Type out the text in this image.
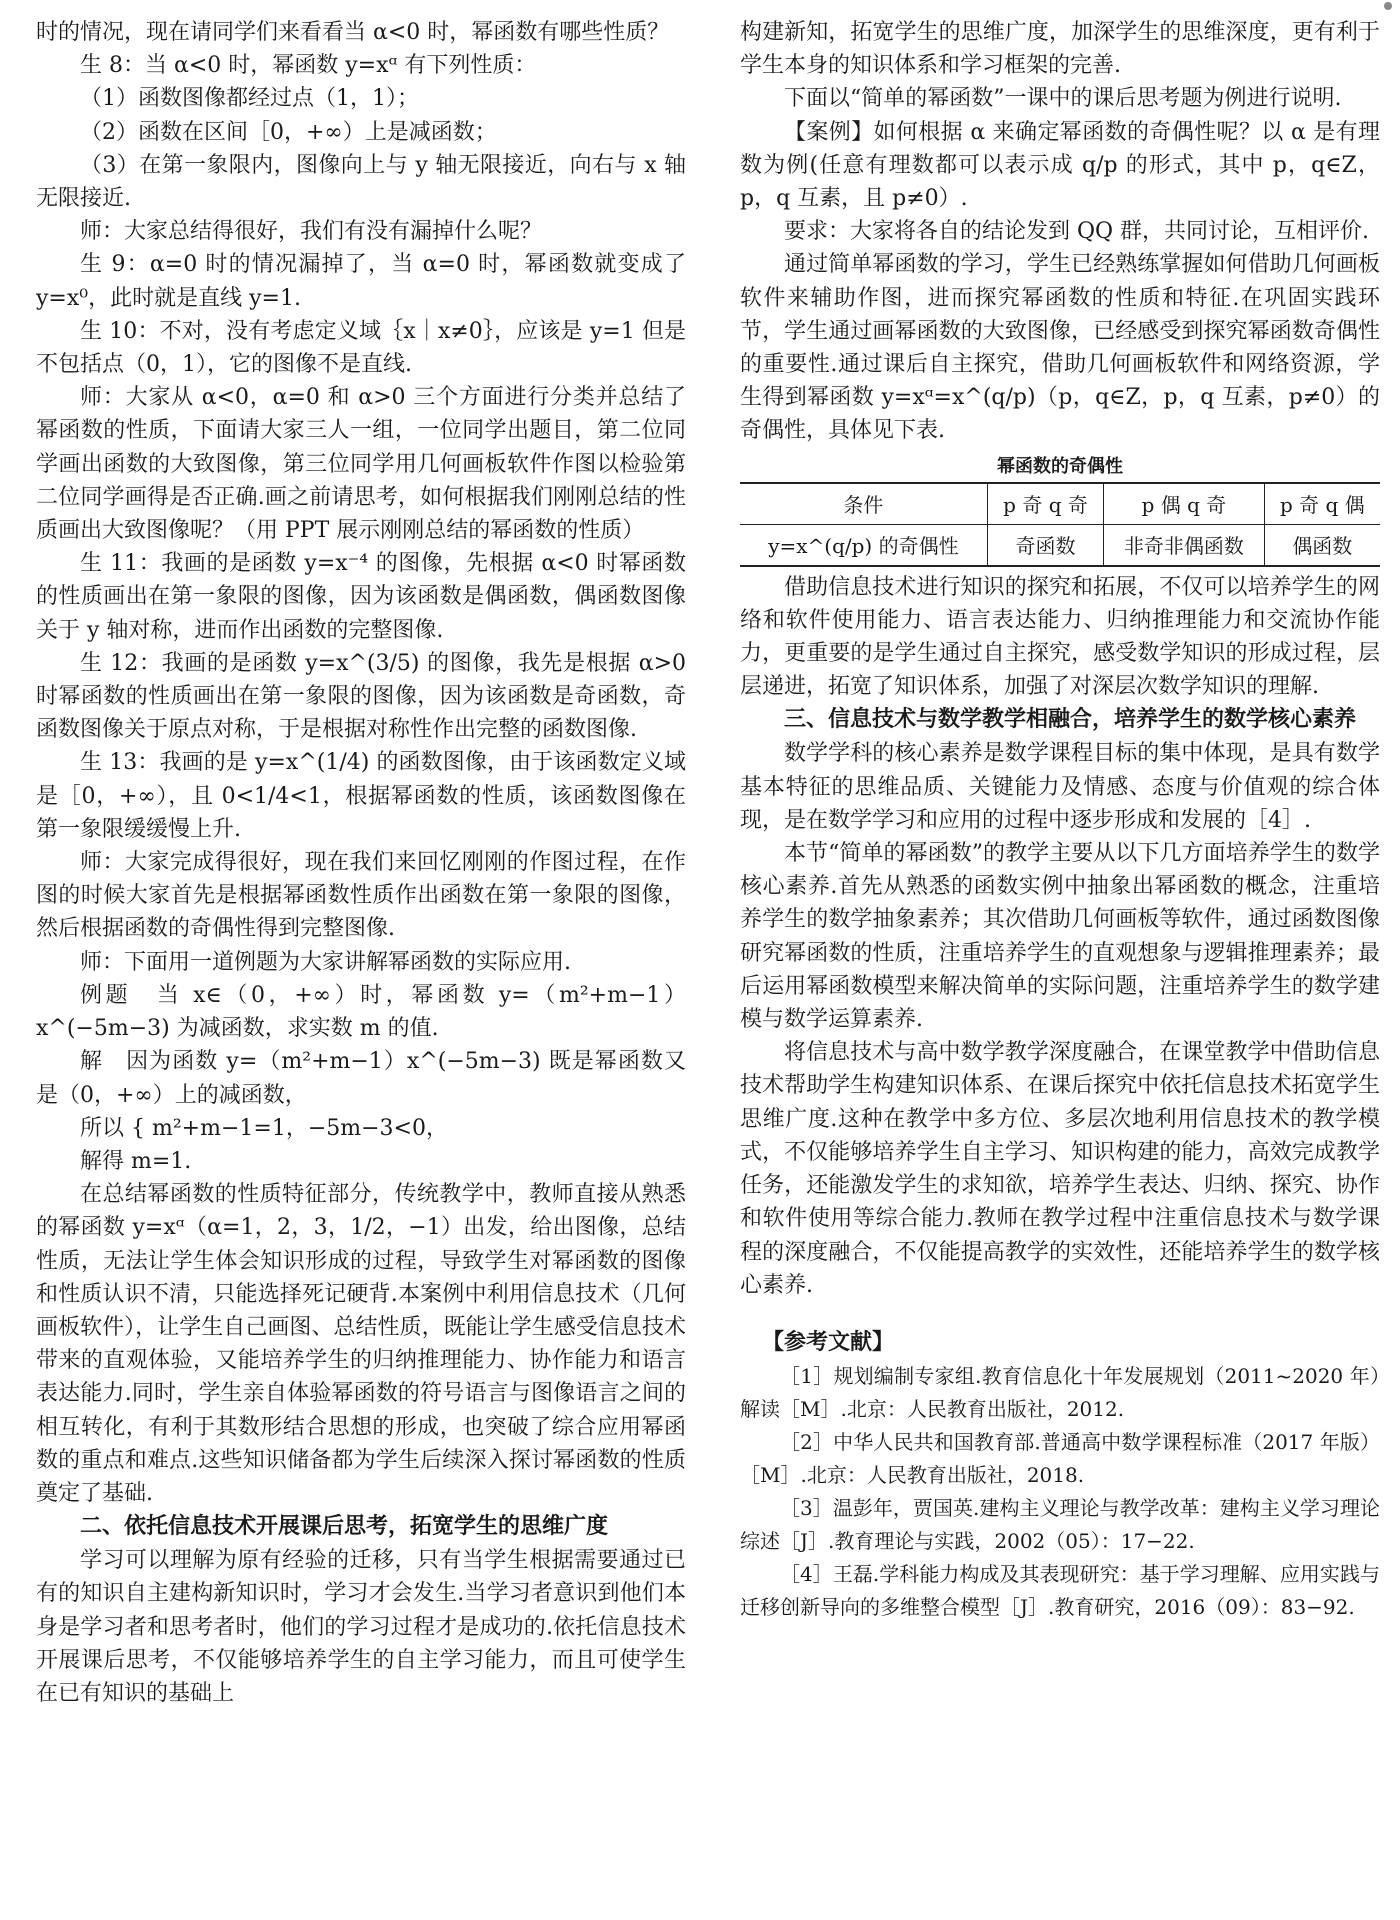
时的情况，现在请同学们来看看当 α<0 时，幂函数有哪些性质？

生 8：当 α<0 时，幂函数 y=xᵅ 有下列性质：

（1）函数图像都经过点（1，1）；

（2）函数在区间［0，+∞）上是减函数；

（3）在第一象限内，图像向上与 y 轴无限接近，向右与 x 轴无限接近.

师：大家总结得很好，我们有没有漏掉什么呢？

生 9：α=0 时的情况漏掉了，当 α=0 时，幂函数就变成了 y=x⁰，此时就是直线 y=1.

生 10：不对，没有考虑定义域｛x｜x≠0｝，应该是 y=1 但是不包括点（0，1），它的图像不是直线.

师：大家从 α<0，α=0 和 α>0 三个方面进行分类并总结了幂函数的性质，下面请大家三人一组，一位同学出题目，第二位同学画出函数的大致图像，第三位同学用几何画板软件作图以检验第二位同学画得是否正确.画之前请思考，如何根据我们刚刚总结的性质画出大致图像呢？（用 PPT 展示刚刚总结的幂函数的性质）

生 11：我画的是函数 y=x⁻⁴ 的图像，先根据 α<0 时幂函数的性质画出在第一象限的图像，因为该函数是偶函数，偶函数图像关于 y 轴对称，进而作出函数的完整图像.

生 12：我画的是函数 y=x^(3/5) 的图像，我先是根据 α>0 时幂函数的性质画出在第一象限的图像，因为该函数是奇函数，奇函数图像关于原点对称，于是根据对称性作出完整的函数图像.

生 13：我画的是 y=x^(1/4) 的函数图像，由于该函数定义域是［0，+∞），且 0<1/4<1，根据幂函数的性质，该函数图像在第一象限缓缓慢上升.

师：大家完成得很好，现在我们来回忆刚刚的作图过程，在作图的时候大家首先是根据幂函数性质作出函数在第一象限的图像，然后根据函数的奇偶性得到完整图像.

师：下面用一道例题为大家讲解幂函数的实际应用.

例题　当 x∈（0，+∞）时，幂函数 y=（m²+m−1）x^(−5m−3) 为减函数，求实数 m 的值.

解　因为函数 y=（m²+m−1）x^(−5m−3) 既是幂函数又是（0，+∞）上的减函数，

所以 { m²+m−1=1，−5m−3<0，

解得 m=1.

在总结幂函数的性质特征部分，传统教学中，教师直接从熟悉的幂函数 y=xᵅ（α=1，2，3，1/2，−1）出发，给出图像，总结性质，无法让学生体会知识形成的过程，导致学生对幂函数的图像和性质认识不清，只能选择死记硬背.本案例中利用信息技术（几何画板软件），让学生自己画图、总结性质，既能让学生感受信息技术带来的直观体验，又能培养学生的归纳推理能力、协作能力和语言表达能力.同时，学生亲自体验幂函数的符号语言与图像语言之间的相互转化，有利于其数形结合思想的形成，也突破了综合应用幂函数的重点和难点.这些知识储备都为学生后续深入探讨幂函数的性质奠定了基础.

二、依托信息技术开展课后思考，拓宽学生的思维广度

学习可以理解为原有经验的迁移，只有当学生根据需要通过已有的知识自主建构新知识时，学习才会发生.当学习者意识到他们本身是学习者和思考者时，他们的学习过程才是成功的.依托信息技术开展课后思考，不仅能够培养学生的自主学习能力，而且可使学生在已有知识的基础上

构建新知，拓宽学生的思维广度，加深学生的思维深度，更有利于学生本身的知识体系和学习框架的完善.

下面以“简单的幂函数”一课中的课后思考题为例进行说明.

【案例】如何根据 α 来确定幂函数的奇偶性呢？以 α 是有理数为例(任意有理数都可以表示成 q/p 的形式，其中 p，q∈Z，p，q 互素，且 p≠0）.

要求：大家将各自的结论发到 QQ 群，共同讨论，互相评价.

通过简单幂函数的学习，学生已经熟练掌握如何借助几何画板软件来辅助作图，进而探究幂函数的性质和特征.在巩固实践环节，学生通过画幂函数的大致图像，已经感受到探究幂函数奇偶性的重要性.通过课后自主探究，借助几何画板软件和网络资源，学生得到幂函数 y=xᵅ=x^(q/p)（p，q∈Z，p，q 互素，p≠0）的奇偶性，具体见下表.

幂函数的奇偶性
条件	p 奇 q 奇	p 偶 q 奇	p 奇 q 偶
y=x^(q/p) 的奇偶性	奇函数	非奇非偶函数	偶函数

借助信息技术进行知识的探究和拓展，不仅可以培养学生的网络和软件使用能力、语言表达能力、归纳推理能力和交流协作能力，更重要的是学生通过自主探究，感受数学知识的形成过程，层层递进，拓宽了知识体系，加强了对深层次数学知识的理解.

三、信息技术与数学教学相融合，培养学生的数学核心素养

数学学科的核心素养是数学课程目标的集中体现，是具有数学基本特征的思维品质、关键能力及情感、态度与价值观的综合体现，是在数学学习和应用的过程中逐步形成和发展的［4］.

本节“简单的幂函数”的教学主要从以下几方面培养学生的数学核心素养.首先从熟悉的函数实例中抽象出幂函数的概念，注重培养学生的数学抽象素养；其次借助几何画板等软件，通过函数图像研究幂函数的性质，注重培养学生的直观想象与逻辑推理素养；最后运用幂函数模型来解决简单的实际问题，注重培养学生的数学建模与数学运算素养.

将信息技术与高中数学教学深度融合，在课堂教学中借助信息技术帮助学生构建知识体系、在课后探究中依托信息技术拓宽学生思维广度.这种在教学中多方位、多层次地利用信息技术的教学模式，不仅能够培养学生自主学习、知识构建的能力，高效完成教学任务，还能激发学生的求知欲，培养学生表达、归纳、探究、协作和软件使用等综合能力.教师在教学过程中注重信息技术与数学课程的深度融合，不仅能提高教学的实效性，还能培养学生的数学核心素养.

【参考文献】

［1］规划编制专家组.教育信息化十年发展规划（2011~2020 年）解读［M］.北京：人民教育出版社，2012.

［2］中华人民共和国教育部.普通高中数学课程标准（2017 年版）［M］.北京：人民教育出版社，2018.

［3］温彭年，贾国英.建构主义理论与教学改革：建构主义学习理论综述［J］.教育理论与实践，2002（05）：17−22.

［4］王磊.学科能力构成及其表现研究：基于学习理解、应用实践与迁移创新导向的多维整合模型［J］.教育研究，2016（09）：83−92.
